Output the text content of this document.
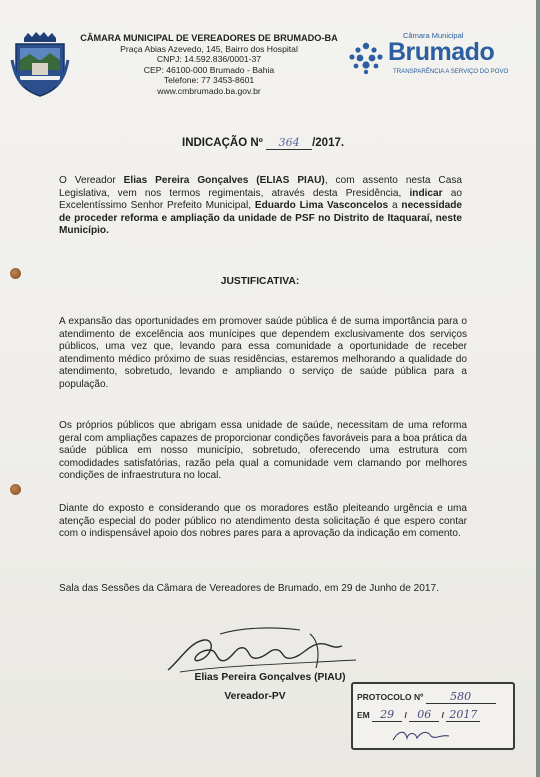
CÂMARA MUNICIPAL DE VEREADORES DE BRUMADO-BA
Praça Abias Azevedo, 145, Bairro dos Hospital
CNPJ: 14.592.836/0001-37
CEP: 46100-000 Brumado - Bahia
Telefone: 77 3453-8601
www.cmbrumado.ba.gov.br
Câmara Municipal
Brumado
TRANSPARÊNCIA A SERVIÇO DO POVO
INDICAÇÃO Nº 364 /2017.
O Vereador Elias Pereira Gonçalves (ELIAS PIAU), com assento nesta Casa Legislativa, vem nos termos regimentais, através desta Presidência, indicar ao Excelentíssimo Senhor Prefeito Municipal, Eduardo Lima Vasconcelos a necessidade de proceder reforma e ampliação da unidade de PSF no Distrito de Itaquaraí, neste Município.
JUSTIFICATIVA:
A expansão das oportunidades em promover saúde pública é de suma importância para o atendimento de excelência aos munícipes que dependem exclusivamente dos serviços públicos, uma vez que, levando para essa comunidade a oportunidade de receber atendimento médico próximo de suas residências, estaremos melhorando a qualidade do atendimento, sobretudo, levando e ampliando o serviço de saúde pública para a população.
Os próprios públicos que abrigam essa unidade de saúde, necessitam de uma reforma geral com ampliações capazes de proporcionar condições favoráveis para a boa prática da saúde pública em nosso município, sobretudo, oferecendo uma estrutura com comodidades satisfatórias, razão pela qual a comunidade vem clamando por melhores condições de infraestrutura no local.
Diante do exposto e considerando que os moradores estão pleiteando urgência e uma atenção especial do poder público no atendimento desta solicitação é que espero contar com o indispensável apoio dos nobres pares para a aprovação da indicação em comento.
Sala das Sessões da Câmara de Vereadores de Brumado, em 29 de Junho de 2017.
Elias Pereira Gonçalves (PIAU)
Vereador-PV	PROTOCOLO Nº 580
EM 29 / 06 / 2017
